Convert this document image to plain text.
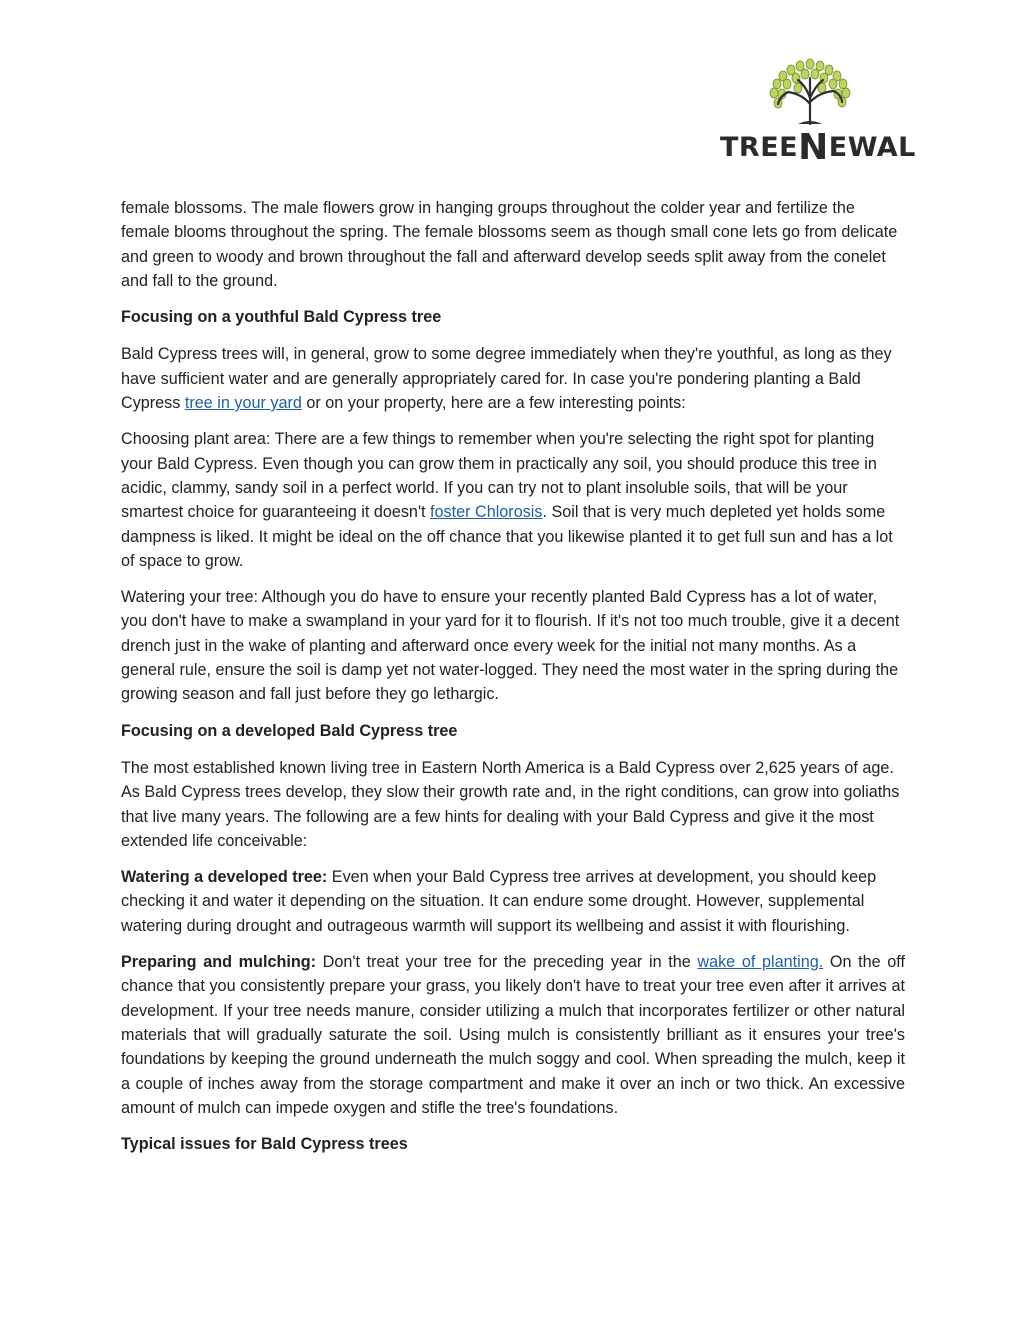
TREENEWAL

female blossoms. The male flowers grow in hanging groups throughout the colder year and fertilize the female blooms throughout the spring. The female blossoms seem as though small cone lets go from delicate and green to woody and brown throughout the fall and afterward develop seeds split away from the conelet and fall to the ground.

Focusing on a youthful Bald Cypress tree

Bald Cypress trees will, in general, grow to some degree immediately when they're youthful, as long as they have sufficient water and are generally appropriately cared for. In case you're pondering planting a Bald Cypress tree in your yard or on your property, here are a few interesting points:

Choosing plant area: There are a few things to remember when you're selecting the right spot for planting your Bald Cypress. Even though you can grow them in practically any soil, you should produce this tree in acidic, clammy, sandy soil in a perfect world. If you can try not to plant insoluble soils, that will be your smartest choice for guaranteeing it doesn't foster Chlorosis. Soil that is very much depleted yet holds some dampness is liked. It might be ideal on the off chance that you likewise planted it to get full sun and has a lot of space to grow.

Watering your tree: Although you do have to ensure your recently planted Bald Cypress has a lot of water, you don't have to make a swampland in your yard for it to flourish. If it's not too much trouble, give it a decent drench just in the wake of planting and afterward once every week for the initial not many months. As a general rule, ensure the soil is damp yet not water-logged. They need the most water in the spring during the growing season and fall just before they go lethargic.

Focusing on a developed Bald Cypress tree

The most established known living tree in Eastern North America is a Bald Cypress over 2,625 years of age. As Bald Cypress trees develop, they slow their growth rate and, in the right conditions, can grow into goliaths that live many years. The following are a few hints for dealing with your Bald Cypress and give it the most extended life conceivable:

Watering a developed tree: Even when your Bald Cypress tree arrives at development, you should keep checking it and water it depending on the situation. It can endure some drought. However, supplemental watering during drought and outrageous warmth will support its wellbeing and assist it with flourishing.

Preparing and mulching: Don't treat your tree for the preceding year in the wake of planting. On the off chance that you consistently prepare your grass, you likely don't have to treat your tree even after it arrives at development. If your tree needs manure, consider utilizing a mulch that incorporates fertilizer or other natural materials that will gradually saturate the soil. Using mulch is consistently brilliant as it ensures your tree's foundations by keeping the ground underneath the mulch soggy and cool. When spreading the mulch, keep it a couple of inches away from the storage compartment and make it over an inch or two thick. An excessive amount of mulch can impede oxygen and stifle the tree's foundations.

Typical issues for Bald Cypress trees
